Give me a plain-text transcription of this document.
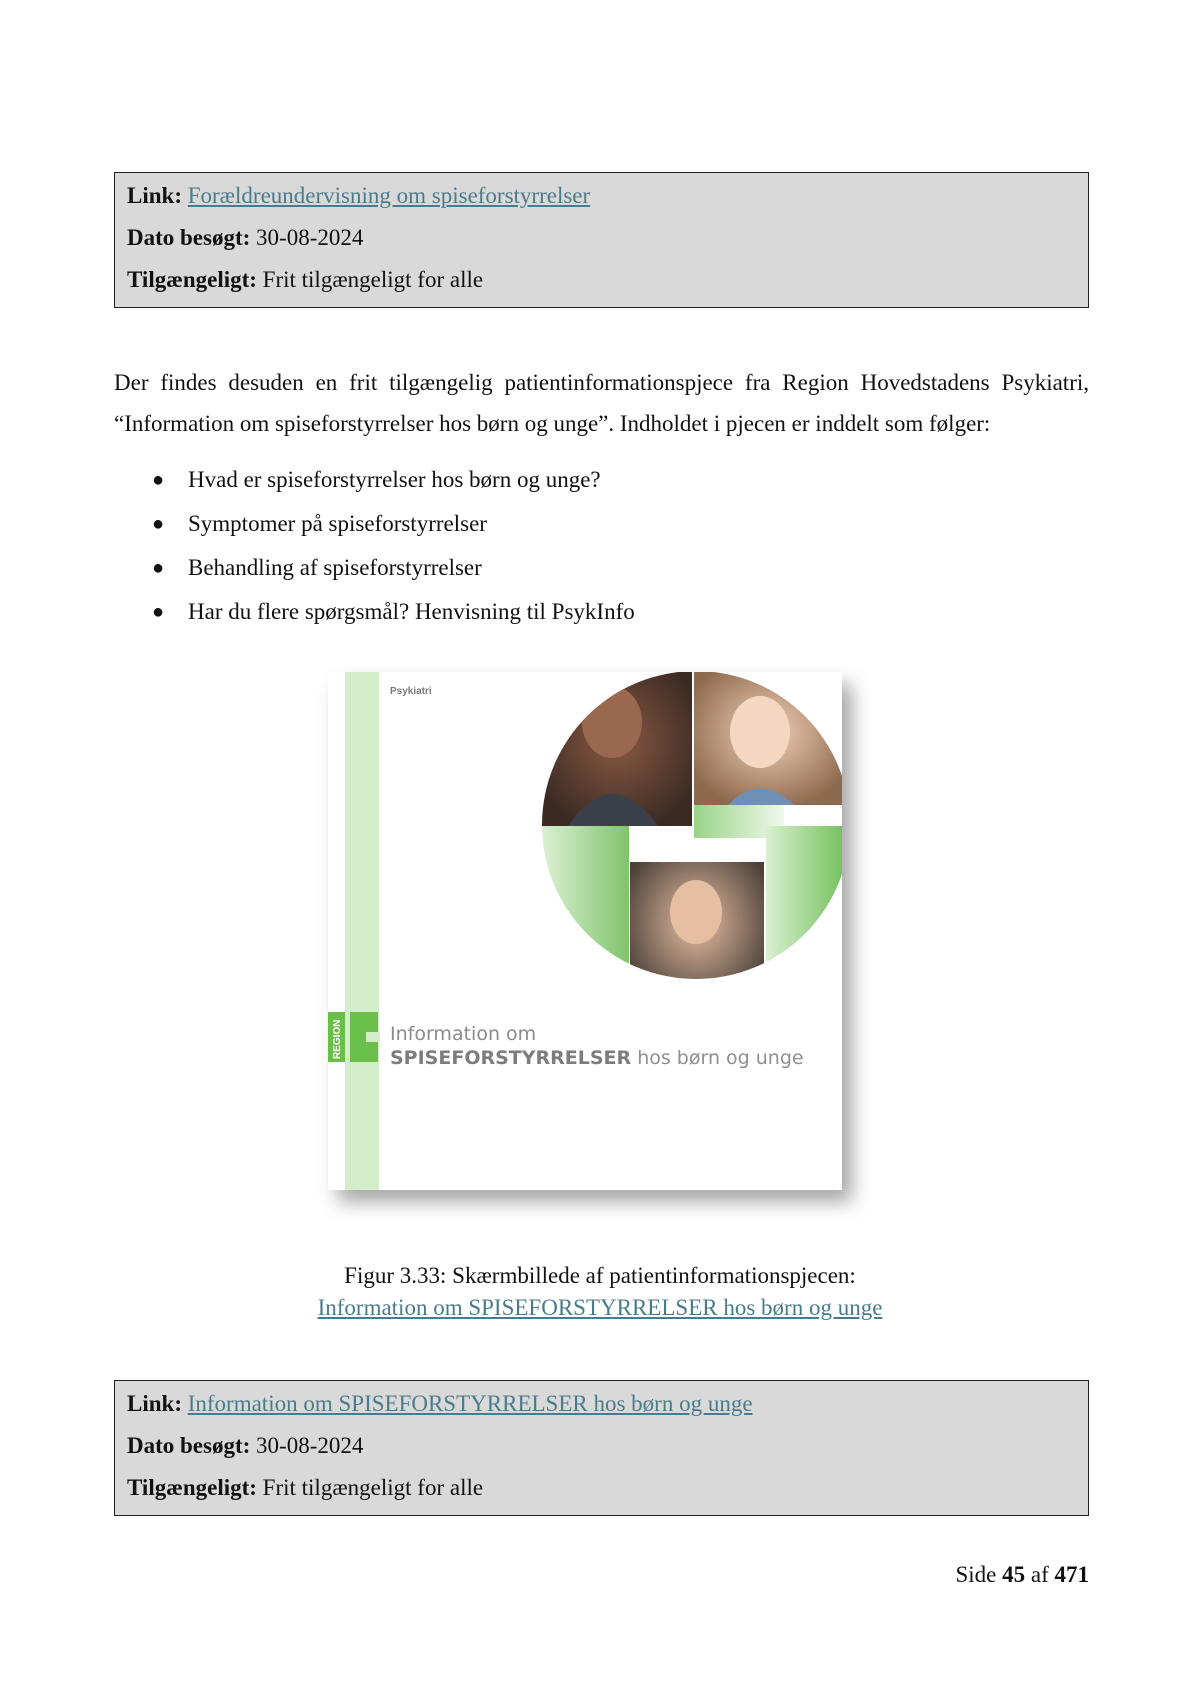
Link: Forældreundervisning om spiseforstyrrelser
Dato besøgt: 30-08-2024
Tilgængeligt: Frit tilgængeligt for alle

Der findes desuden en frit tilgængelig patientinformationspjece fra Region Hovedstadens Psykiatri, “Information om spiseforstyrrelser hos børn og unge”. Indholdet i pjecen er inddelt som følger:

● Hvad er spiseforstyrrelser hos børn og unge?
● Symptomer på spiseforstyrrelser
● Behandling af spiseforstyrrelser
● Har du flere spørgsmål? Henvisning til PsykInfo
REGION
Psykiatri
Information om
SPISEFORSTYRRELSER hos børn og unge
Figur 3.33: Skærmbillede af patientinformationspjecen:
Information om SPISEFORSTYRRELSER hos børn og unge
Link: Information om SPISEFORSTYRRELSER hos børn og unge
Dato besøgt: 30-08-2024
Tilgængeligt: Frit tilgængeligt for alle
Side 45 af 471
